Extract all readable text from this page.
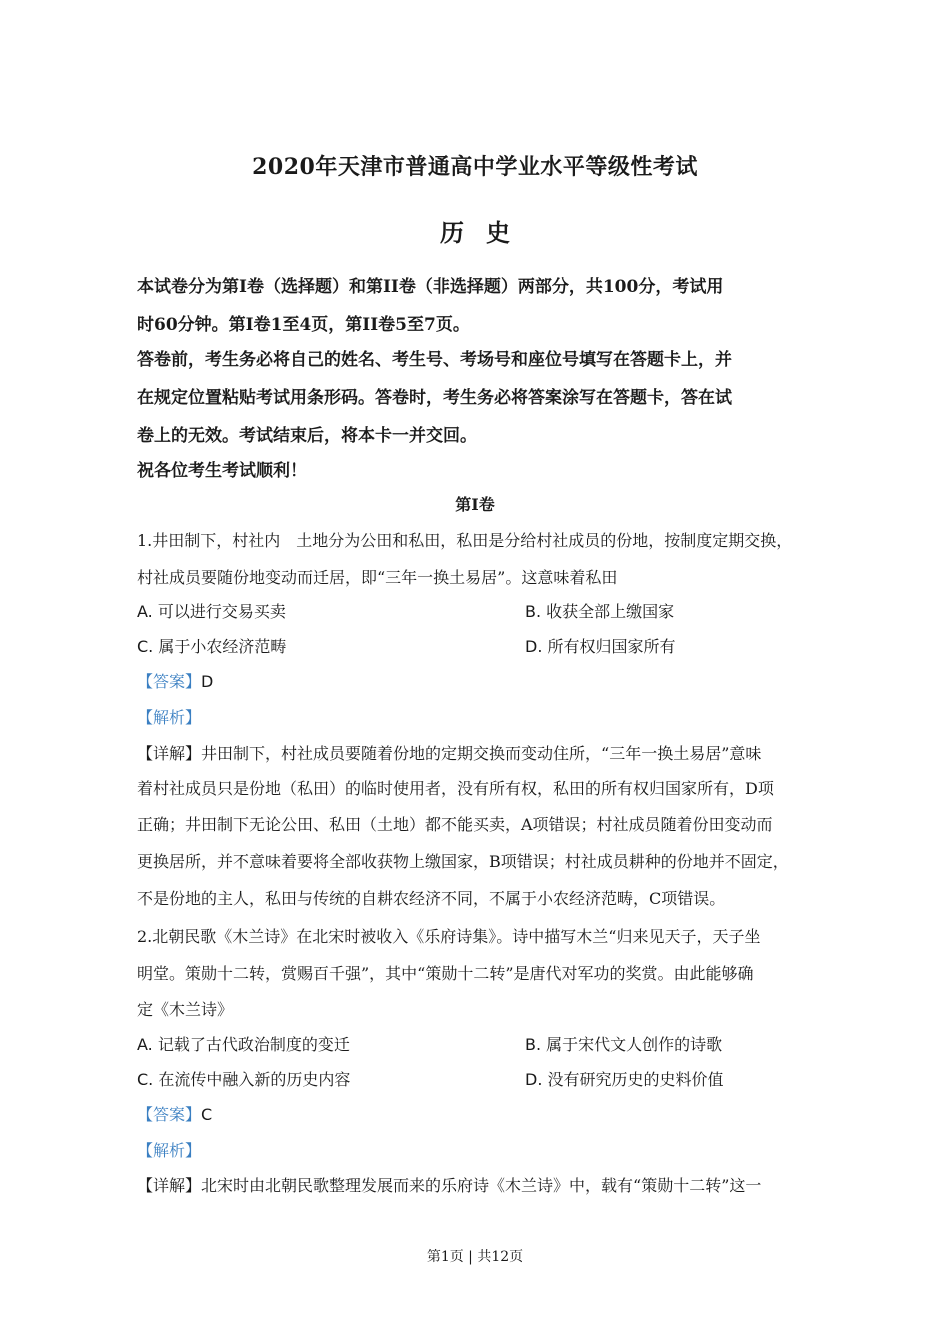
2020年天津市普通高中学业水平等级性考试
历史
本试卷分为第I卷（选择题）和第II卷（非选择题）两部分，共100分，考试用
时60分钟。第I卷1至4页，第II卷5至7页。
答卷前，考生务必将自己的姓名、考生号、考场号和座位号填写在答题卡上，并
在规定位置粘贴考试用条形码。答卷时，考生务必将答案涂写在答题卡，答在试
卷上的无效。考试结束后，将本卡一并交回。
祝各位考生考试顺利！
第I卷
1.井田制下，村社内　土地分为公田和私田，私田是分给村社成员的份地，按制度定期交换，
村社成员要随份地变动而迁居，即“三年一换土易居”。这意味着私田
A. 可以进行交易买卖	B. 收获全部上缴国家
C. 属于小农经济范畴	D. 所有权归国家所有
【答案】D
【解析】
【详解】井田制下，村社成员要随着份地的定期交换而变动住所，“三年一换土易居”意味
着村社成员只是份地（私田）的临时使用者，没有所有权，私田的所有权归国家所有，D项
正确；井田制下无论公田、私田（土地）都不能买卖，A项错误；村社成员随着份田变动而
更换居所，并不意味着要将全部收获物上缴国家，B项错误；村社成员耕种的份地并不固定，
不是份地的主人，私田与传统的自耕农经济不同，不属于小农经济范畴，C项错误。
2.北朝民歌《木兰诗》在北宋时被收入《乐府诗集》。诗中描写木兰“归来见天子，天子坐
明堂。策勋十二转，赏赐百千强”，其中“策勋十二转”是唐代对军功的奖赏。由此能够确
定《木兰诗》
A. 记载了古代政治制度的变迁	B. 属于宋代文人创作的诗歌
C. 在流传中融入新的历史内容	D. 没有研究历史的史料价值
【答案】C
【解析】
【详解】北宋时由北朝民歌整理发展而来的乐府诗《木兰诗》中，载有“策勋十二转”这一
第1页 | 共12页
